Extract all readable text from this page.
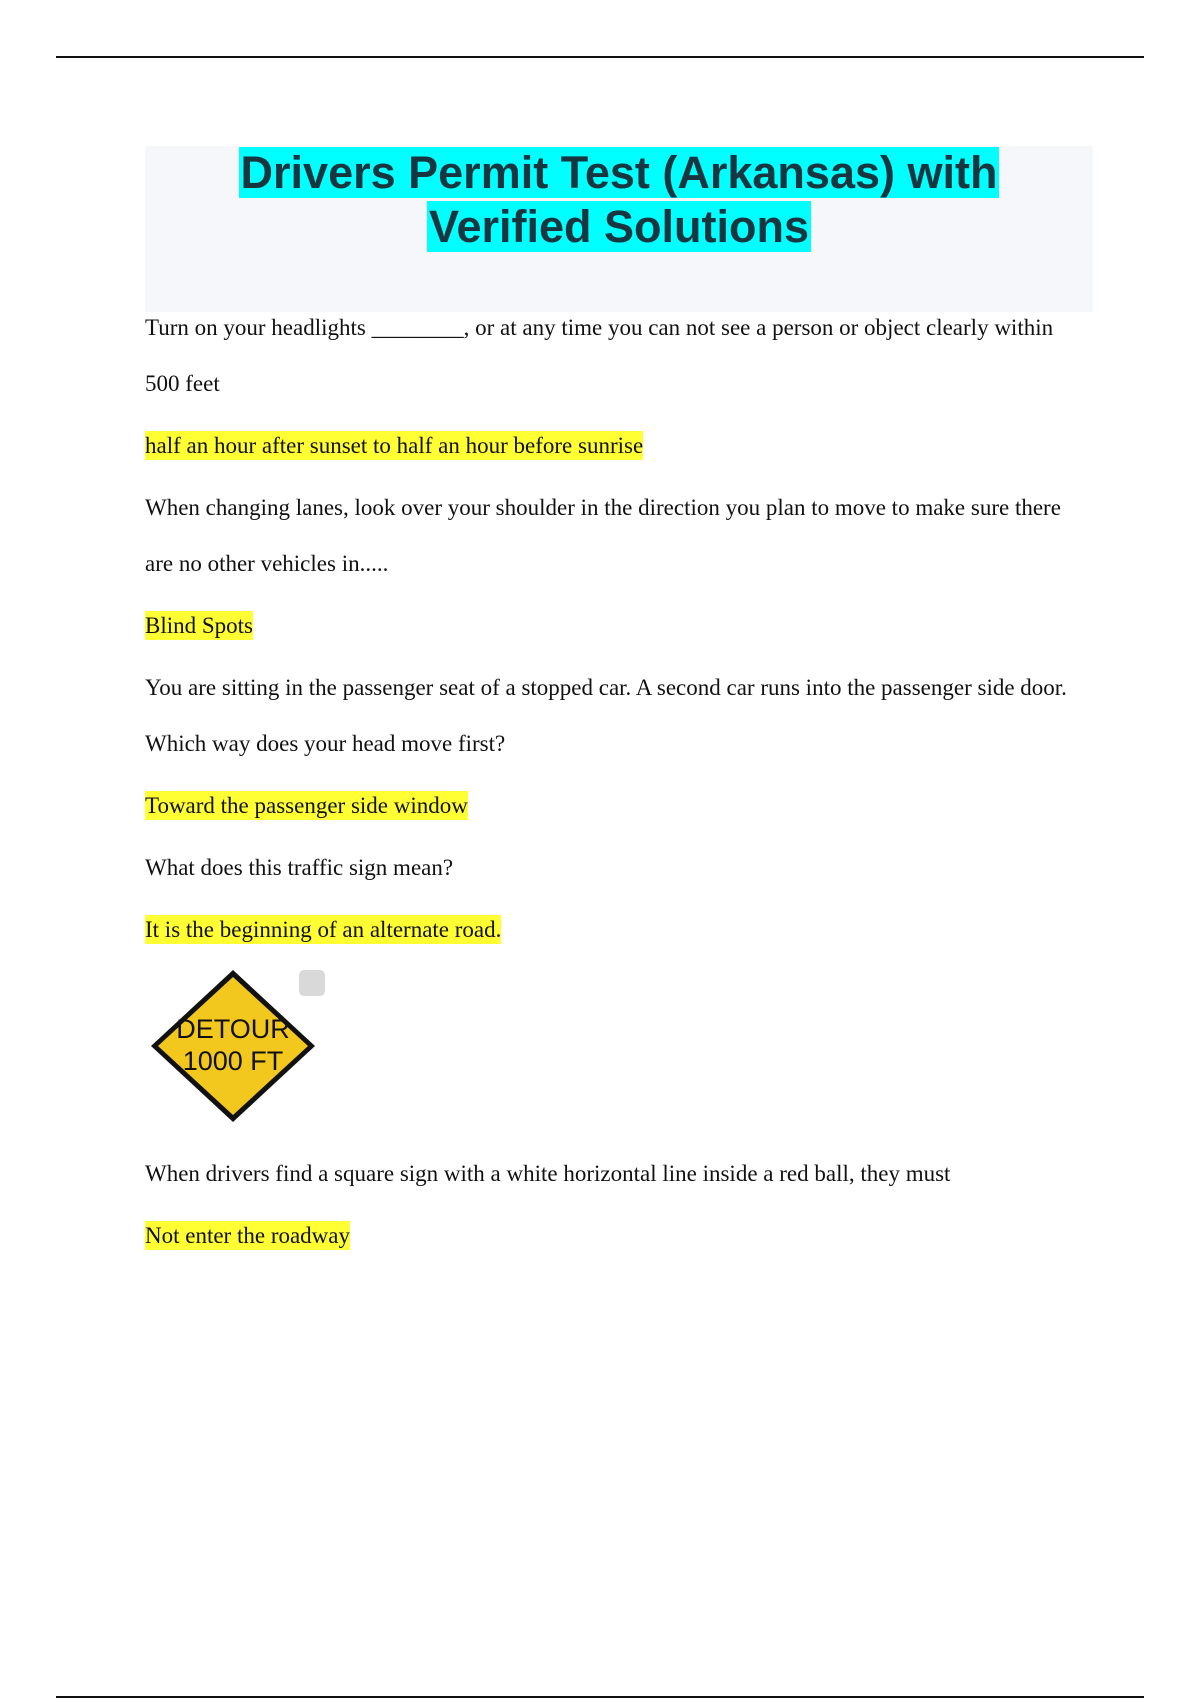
Drivers Permit Test (Arkansas) with
Verified Solutions

Turn on your headlights ________, or at any time you can not see a person or object clearly within 500 feet

half an hour after sunset to half an hour before sunrise

When changing lanes, look over your shoulder in the direction you plan to move to make sure there are no other vehicles in.....

Blind Spots

You are sitting in the passenger seat of a stopped car. A second car runs into the passenger side door. Which way does your head move first?

Toward the passenger side window

What does this traffic sign mean?

It is the beginning of an alternate road.

DETOUR
1000 FT

When drivers find a square sign with a white horizontal line inside a red ball, they must

Not enter the roadway
